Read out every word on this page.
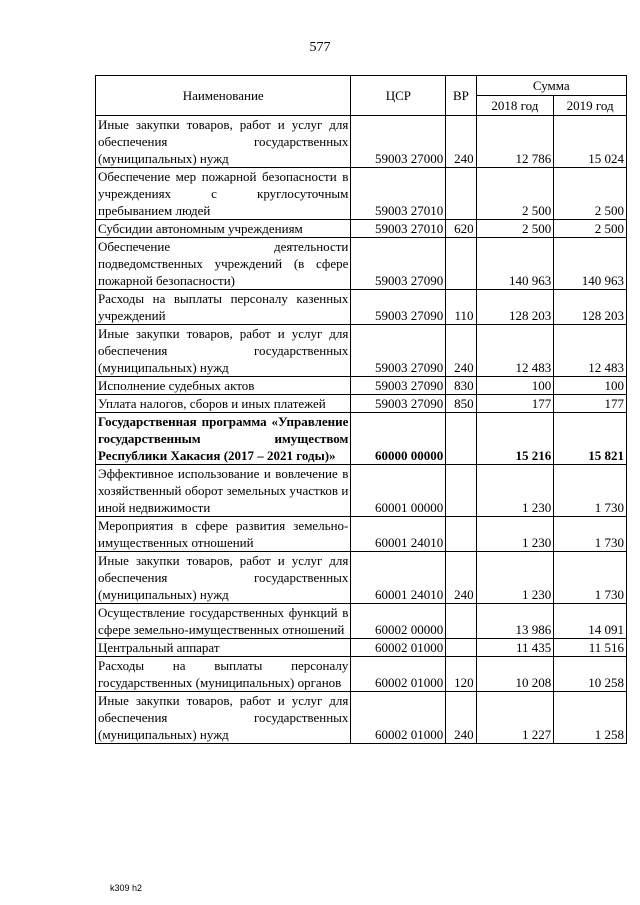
577
Наименование	ЦСР	ВР	Сумма	
			2018 год	2019 год
Иные закупки товаров, работ и услуг для обеспечения государственных (муниципальных) нужд	59003 27000	240	12 786	15 024
Обеспечение мер пожарной безопасности в учреждениях с круглосуточным пребыванием людей	59003 27010		2 500	2 500
Субсидии автономным учреждениям	59003 27010	620	2 500	2 500
Обеспечение деятельности подведомственных учреждений (в сфере пожарной безопасности)	59003 27090		140 963	140 963
Расходы на выплаты персоналу казенных учреждений	59003 27090	110	128 203	128 203
Иные закупки товаров, работ и услуг для обеспечения государственных (муниципальных) нужд	59003 27090	240	12 483	12 483
Исполнение судебных актов	59003 27090	830	100	100
Уплата налогов, сборов и иных платежей	59003 27090	850	177	177
Государственная программа «Управление государственным имуществом Республики Хакасия (2017 – 2021 годы)»	60000 00000		15 216	15 821
Эффективное использование и вовлечение в хозяйственный оборот земельных участков и иной недвижимости	60001 00000		1 230	1 730
Мероприятия в сфере развития земельно-имущественных отношений	60001 24010		1 230	1 730
Иные закупки товаров, работ и услуг для обеспечения государственных (муниципальных) нужд	60001 24010	240	1 230	1 730
Осуществление государственных функций в сфере земельно-имущественных отношений	60002 00000		13 986	14 091
Центральный аппарат	60002 01000		11 435	11 516
Расходы на выплаты персоналу государственных (муниципальных) органов	60002 01000	120	10 208	10 258
Иные закупки товаров, работ и услуг для обеспечения государственных (муниципальных) нужд	60002 01000	240	1 227	1 258
k309 h2
